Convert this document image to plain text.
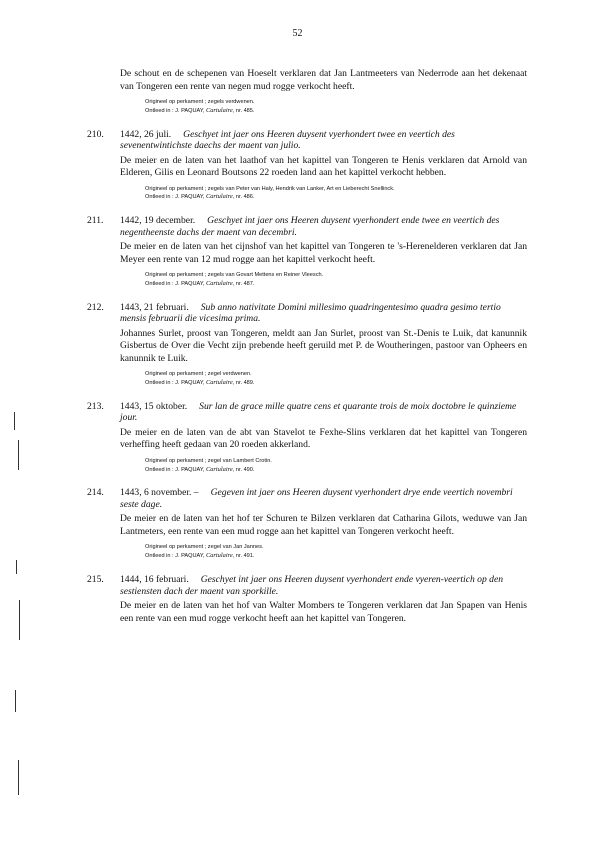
52

De schout en de schepenen van Hoeselt verklaren dat Jan Lantmeeters van Nederrode aan het dekenaat van Tongeren een rente van negen mud rogge verkocht heeft.

Origineel op perkament ; zegels verdwenen.
Ontleed in : J. PAQUAY, Cartulaire, nr. 485.
210. 1442, 26 juli. Geschyet int jaer ons Heeren duysent vyerhondert twee en veertich des sevenentwintichste daechs der maent van julio.

De meier en de laten van het laathof van het kapittel van Tongeren te Henis verklaren dat Arnold van Elderen, Gilis en Leonard Boutsons 22 roeden land aan het kapittel verkocht hebben.

Origineel op perkament ; zegels van Peter van Haly, Hendrik van Lanker, Art en Lieberecht Snellinck.
Ontleed in : J. PAQUAY, Cartulaire, nr. 486.
211. 1442, 19 december. Geschyet int jaer ons Heeren duysent vyerhondert ende twee en veertich des negentheenste dachs der maent van decembri.

De meier en de laten van het cijnshof van het kapittel van Tongeren te 's-Herenelderen verklaren dat Jan Meyer een rente van 12 mud rogge aan het kapittel verkocht heeft.

Origineel op perkament ; zegels van Govart Mettens en Reiner Vleesch.
Ontleed in : J. PAQUAY, Cartulaire, nr. 487.
212. 1443, 21 februari. Sub anno nativitate Domini millesimo quadringentesimo quadra gesimo tertio mensis februarii die vicesima prima.

Johannes Surlet, proost van Tongeren, meldt aan Jan Surlet, proost van St.-Denis te Luik, dat kanunnik Gisbertus de Over die Vecht zijn prebende heeft geruild met P. de Woutheringen, pastoor van Opheers en kanunnik te Luik.

Origineel op perkament ; zegel verdwenen.
Ontleed in : J. PAQUAY, Cartulaire, nr. 489.
213. 1443, 15 oktober. Sur lan de grace mille quatre cens et quarante trois de moix doctobre le quinzieme jour.

De meier en de laten van de abt van Stavelot te Fexhe-Slins verklaren dat het kapittel van Tongeren verheffing heeft gedaan van 20 roeden akkerland.

Origineel op perkament ; zegel van Lambert Crotin.
Ontleed in : J. PAQUAY, Cartulaire, nr. 490.
214. 1443, 6 november. – Gegeven int jaer ons Heeren duysent vyerhondert drye ende veertich novembri seste dage.

De meier en de laten van het hof ter Schuren te Bilzen verklaren dat Catharina Gilots, weduwe van Jan Lantmeters, een rente van een mud rogge aan het kapittel van Tongeren verkocht heeft.

Origineel op perkament ; zegel van Jan Jannes.
Ontleed in : J. PAQUAY, Cartulaire, nr. 491.
215. 1444, 16 februari. Geschyet int jaer ons Heeren duysent vyerhondert ende vyeren-veertich op den sestiensten dach der maent van sporkille.

De meier en de laten van het hof van Walter Mombers te Tongeren verklaren dat Jan Spapen van Henis een rente van een mud rogge verkocht heeft aan het kapittel van Tongeren.
